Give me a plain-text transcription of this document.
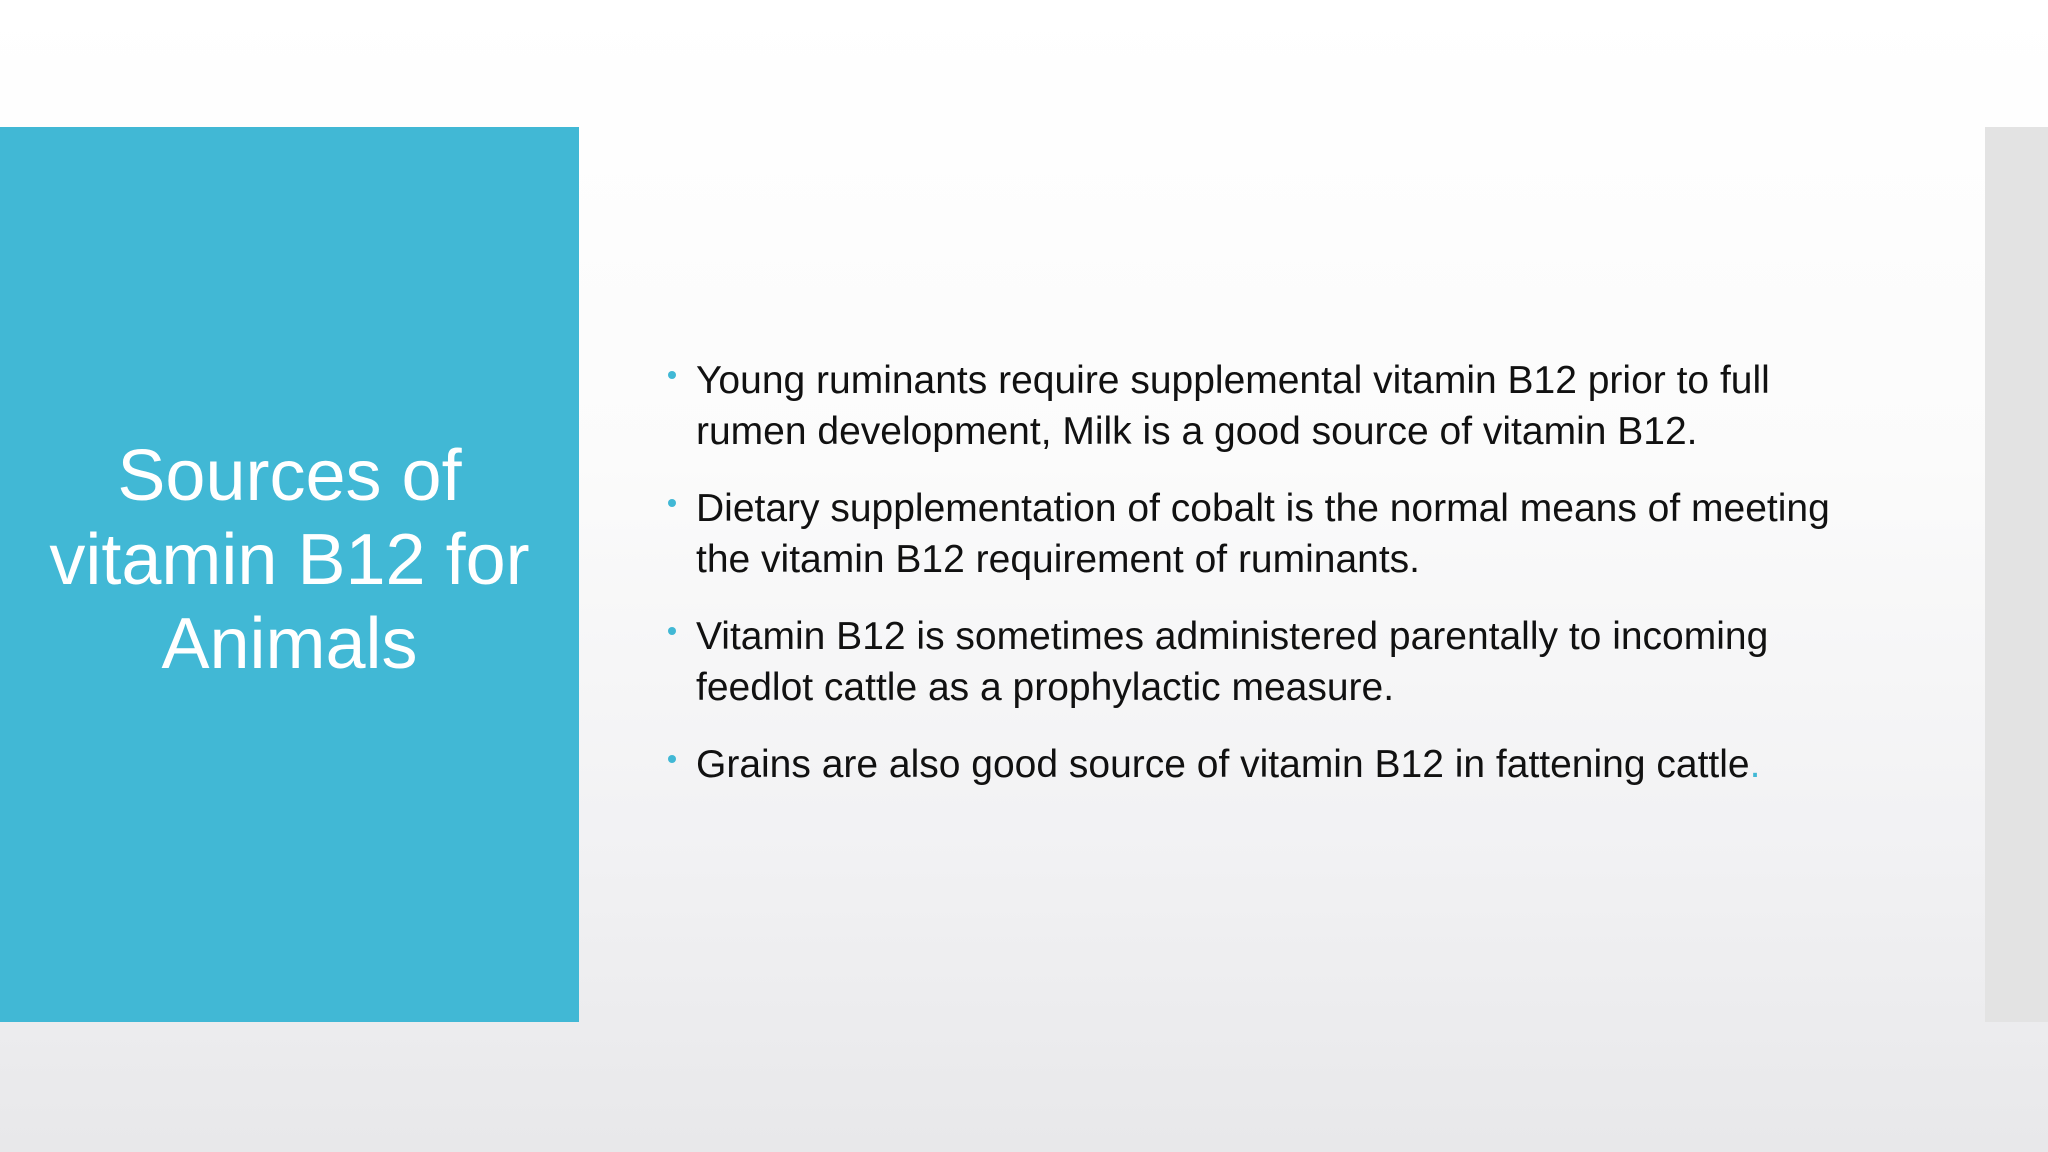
Sources of vitamin B12 for Animals
Young ruminants require supplemental vitamin B12 prior to full rumen development, Milk is a good source of vitamin B12.
Dietary supplementation of cobalt is the normal means of meeting the vitamin B12 requirement of ruminants.
Vitamin B12 is sometimes administered parentally to incoming feedlot cattle as a prophylactic measure.
Grains are also good source of vitamin B12 in fattening cattle.
